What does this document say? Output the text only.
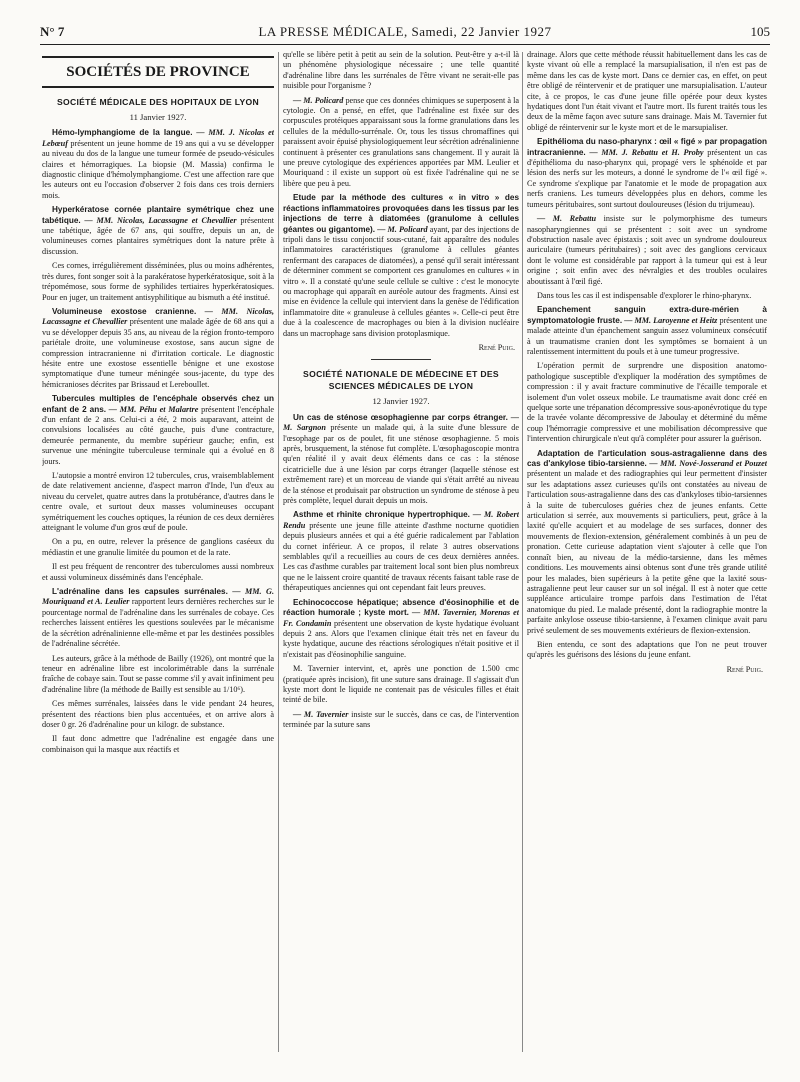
N° 7	LA PRESSE MÉDICALE, Samedi, 22 Janvier 1927	105
SOCIÉTÉS DE PROVINCE
SOCIÉTÉ MÉDICALE DES HOPITAUX DE LYON
11 Janvier 1927.

Hémo-lymphangiome de la langue. — MM. J. Nicolas et Lebœuf présentent un jeune homme de 19 ans qui a vu se développer au niveau du dos de la langue une tumeur formée de pseudo-vésicules claires et hémorragiques. La biopsie (M. Massia) confirma le diagnostic clinique d'hémolymphangiome. C'est une affection rare que les auteurs ont eu l'occasion d'observer 2 fois dans ces trois derniers mois.

Hyperkératose cornée plantaire symétrique chez une tabétique. — MM. Nicolas, Lacassagne et Chevallier présentent une tabétique, âgée de 67 ans, qui souffre, depuis un an, de volumineuses cornes plantaires symétriques dont la nature prête à discussion.

Ces cornes, irrégulièrement disséminées, plus ou moins adhérentes, très dures, font songer soit à la parakératose hyperkératosique, soit à la trépomémose, sous forme de syphilides tertiaires hyperkératosiques. Pour en juger, un traitement antisyphilitique au bismuth a été institué.

Volumineuse exostose cranienne. — MM. Nicolas, Lacassagne et Chevallier présentent une malade âgée de 68 ans qui a vu se développer depuis 35 ans, au niveau de la région fronto-temporo pariétale droite, une volumineuse exostose, sans aucun signe de compression intracranienne ni d'irritation corticale. Le diagnostic hésite entre une exostose essentielle bénigne et une exostose symptomatique d'une tumeur méningée sous-jacente, du type des hémicranioses décrites par Brissaud et Lereboullet.

Tubercules multiples de l'encéphale observés chez un enfant de 2 ans. — MM. Péhu et Malartre présentent l'encéphale d'un enfant de 2 ans. Celui-ci a été, 2 mois auparavant, atteint de convulsions localisées au côté gauche, puis d'une contracture, demeurée permanente, du membre supérieur gauche; enfin, est survenue une méningite tuberculeuse terminale qui a évolué en 8 jours.

L'autopsie a montré environ 12 tubercules, crus, vraisemblablement de date relativement ancienne, d'aspect marron d'Inde, l'un d'eux au niveau du cervelet, quatre autres dans la protubérance, d'autres dans le centre ovale, et surtout deux masses volumineuses occupant symétriquement les couches optiques, la réunion de ces deux dernières atteignant le volume d'un gros œuf de poule.

On a pu, en outre, relever la présence de ganglions caséeux du médiastin et une granulie limitée du poumon et de la rate.

Il est peu fréquent de rencontrer des tuberculomes aussi nombreux et aussi volumineux disséminés dans l'encéphale.

L'adrénaline dans les capsules surrénales. — MM. G. Mouriquand et A. Leulier rapportent leurs dernières recherches sur le pourcentage normal de l'adrénaline dans les surrénales de cobaye. Ces recherches laissent entières les questions soulevées par le mécanisme de la sécrétion adrénalinienne elle-même et par les destinées possibles de l'adrénaline sécrétée.

Les auteurs, grâce à la méthode de Bailly (1926), ont montré que la teneur en adrénaline libre est incolorimétrable dans la surrénale fraîche de cobaye sain. Tout se passe comme s'il y avait infiniment peu d'adrénaline libre (la méthode de Bailly est sensible au 1/10⁶).

Ces mêmes surrénales, laissées dans le vide pendant 24 heures, présentent des réactions bien plus accentuées, et on arrive alors à doser 0 gr. 26 d'adrénaline pour un kilogr. de substance.

Il faut donc admettre que l'adrénaline est engagée dans une combinaison qui la masque aux réactifs et

qu'elle se libère petit à petit au sein de la solution. Peut-être y a-t-il là un phénomène physiologique nécessaire ; une telle quantité d'adrénaline libre dans les surrénales de l'être vivant ne serait-elle pas nuisible pour l'organisme ?

— M. Policard pense que ces données chimiques se superposent à la cytologie. On a pensé, en effet, que l'adrénaline est fixée sur des corpuscules protéiques apparaissant sous la forme granulations dans les cellules de la médullo-surrénale. Or, tous les tissus chromaffines qui paraissent avoir épuisé physiologiquement leur sécrétion adrénalinienne continuent à présenter ces granulations sans changement. Il y aurait là une preuve cytologique des expériences apportées par MM. Leulier et Mouriquand : il existe un support où est fixée l'adrénaline qui ne se libère que peu à peu.

Etude par la méthode des cultures « in vitro » des réactions inflammatoires provoquées dans les tissus par les injections de terre à diatomées (granulome à cellules géantes ou gigantome). — M. Policard ayant, par des injections de tripoli dans le tissu conjonctif sous-cutané, fait apparaître des nodules inflammatoires caractéristiques (granulome à cellules géantes renfermant des carapaces de diatomées), a pensé qu'il serait intéressant de déterminer comment se comportent ces granulomes en cultures « in vitro ». Il a constaté qu'une seule cellule se cultive : c'est le monocyte ou macrophage qui apparaît en auréole autour des fragments. Ainsi est mise en évidence la cellule qui intervient dans la genèse de l'édification inflammatoire dite « granuleuse à cellules géantes ». Celle-ci peut être due à la coalescence de macrophages ou bien à la division nucléaire dans un macrophage sans division protoplasmique.

René Puig.
SOCIÉTÉ NATIONALE DE MÉDECINE ET DES SCIENCES MÉDICALES DE LYON
12 Janvier 1927.

Un cas de sténose œsophagienne par corps étranger. — M. Sargnon présente un malade qui, à la suite d'une blessure de l'œsophage par os de poulet, fit une sténose œsophagienne. 5 mois après, brusquement, la sténose fut complète. L'œsophagoscopie montra qu'en réalité il y avait deux éléments dans ce cas : la sténose cicatricielle due à une lésion par corps étranger (laquelle sténose est extrêmement rare) et un morceau de viande qui s'était arrêté au niveau de la sténose et produisait par obstruction un syndrome de sténose à peu près complète, lequel durait depuis un mois.

Asthme et rhinite chronique hypertrophique. — M. Robert Rendu présente une jeune fille atteinte d'asthme nocturne quotidien depuis plusieurs années et qui a été guérie radicalement par l'ablation du cornet inférieur. A ce propos, il relate 3 autres observations semblables qu'il a recueillies au cours de ces deux dernières années. Les cas d'asthme curables par traitement local sont bien plus nombreux que ne le laissent croire quantité de travaux récents faisant table rase de thérapeutiques anciennes qui ont cependant fait leurs preuves.

Echinococcose hépatique; absence d'éosinophilie et de réaction humorale ; kyste mort. — MM. Tavernier, Morenas et Fr. Condamin présentent une observation de kyste hydatique évoluant depuis 2 ans. Alors que l'examen clinique était très net en faveur du kyste hydatique, aucune des réactions sérologiques n'était positive et il n'existait pas d'éosinophilie sanguine.

M. Tavernier intervint, et, après une ponction de 1.500 cmc (pratiquée après incision), fit une suture sans drainage. Il s'agissait d'un kyste mort dont le liquide ne contenait pas de vésicules filles et était teinté de bile.

— M. Tavernier insiste sur le succès, dans ce cas, de l'intervention terminée par la suture sans

drainage. Alors que cette méthode réussit habituellement dans les cas de kyste vivant où elle a remplacé la marsupialisation, il n'en est pas de même dans les cas de kyste mort. Dans ce dernier cas, en effet, on peut être obligé de réintervenir et de pratiquer une marsupialisation. L'auteur cite, à ce propos, le cas d'une jeune fille opérée pour deux kystes hydatiques dont l'un était vivant et l'autre mort. Ils furent traités tous les deux de la même façon avec suture sans drainage. Mais M. Tavernier fut obligé de réintervenir sur le kyste mort et de le marsupialiser.

Epithélioma du naso-pharynx : œil « figé » par propagation intracranienne. — MM. J. Rebattu et H. Proby présentent un cas d'épithélioma du naso-pharynx qui, propagé vers le sphénoïde et par lésion des nerfs sur les moteurs, a donné le syndrome de l'« œil figé ». Ce syndrome s'explique par l'anatomie et le mode de propagation aux nerfs craniens. Les tumeurs développées plus en dehors, comme les tumeurs péritubaires, sont surtout douloureuses (lésion du trijumeau).

— M. Rebattu insiste sur le polymorphisme des tumeurs nasopharyngiennes qui se présentent : soit avec un syndrome d'obstruction nasale avec épistaxis ; soit avec un syndrome douloureux auriculaire (tumeurs péritubaires) ; soit avec des ganglions cervicaux dont le volume est considérable par rapport à la tumeur qui est à leur origine ; soit enfin avec des névralgies et des troubles oculaires aboutissant à l'œil figé.

Dans tous les cas il est indispensable d'explorer le rhino-pharynx.

Epanchement sanguin extra-dure-mérien à symptomatologie fruste. — MM. Laroyenne et Heitz présentent une malade atteinte d'un épanchement sanguin assez volumineux consécutif à un traumatisme cranien dont les symptômes se bornaient à un ralentissement intermittent du pouls et à une tumeur progressive.

L'opération permit de surprendre une disposition anatomo-pathologique susceptible d'expliquer la modération des symptômes de compression : il y avait fracture comminutive de l'écaille temporale et isolement d'un volet osseux mobile. Le traumatisme avait donc créé en quelque sorte une trépanation décompressive sous-aponévrotique du type de la travée volante décompressive de Jaboulay et déterminé du même coup l'hémorragie compressive et une mobilisation décompressive que l'intervention chirurgicale n'eut qu'à compléter pour assurer la guérison.

Adaptation de l'articulation sous-astragalienne dans des cas d'ankylose tibio-tarsienne. — MM. Nové-Josserand et Pouzet présentent un malade et des radiographies qui leur permettent d'insister sur les adaptations assez curieuses qu'ils ont constatées au niveau de l'articulation sous-astragalienne dans des cas d'ankyloses tibio-tarsiennes à la suite de tuberculoses guéries chez de jeunes enfants. Cette articulation si serrée, aux mouvements si particuliers, peut, grâce à la laxité qu'elle acquiert et au modelage de ses surfaces, donner des mouvements de flexion-extension, généralement combinés à un peu de pronation. Cette curieuse adaptation vient s'ajouter à celle que l'on connaît bien, au niveau de la médio-tarsienne, dans les mêmes conditions. Les mouvements ainsi obtenus sont d'une très grande utilité pour les malades, bien supérieurs à la petite gêne que la laxité sous-astragalienne peut leur causer sur un sol inégal. Il est à noter que cette suppléance articulaire trompe parfois dans l'estimation de l'état anatomique du pied. Le malade présenté, dont la radiographie montre la parfaite ankylose osseuse tibio-tarsienne, à l'examen clinique avait paru privé seulement de ses mouvements extérieurs de flexion-extension.

Bien entendu, ce sont des adaptations que l'on ne peut trouver qu'après les guérisons des lésions du jeune enfant.

René Puig.
